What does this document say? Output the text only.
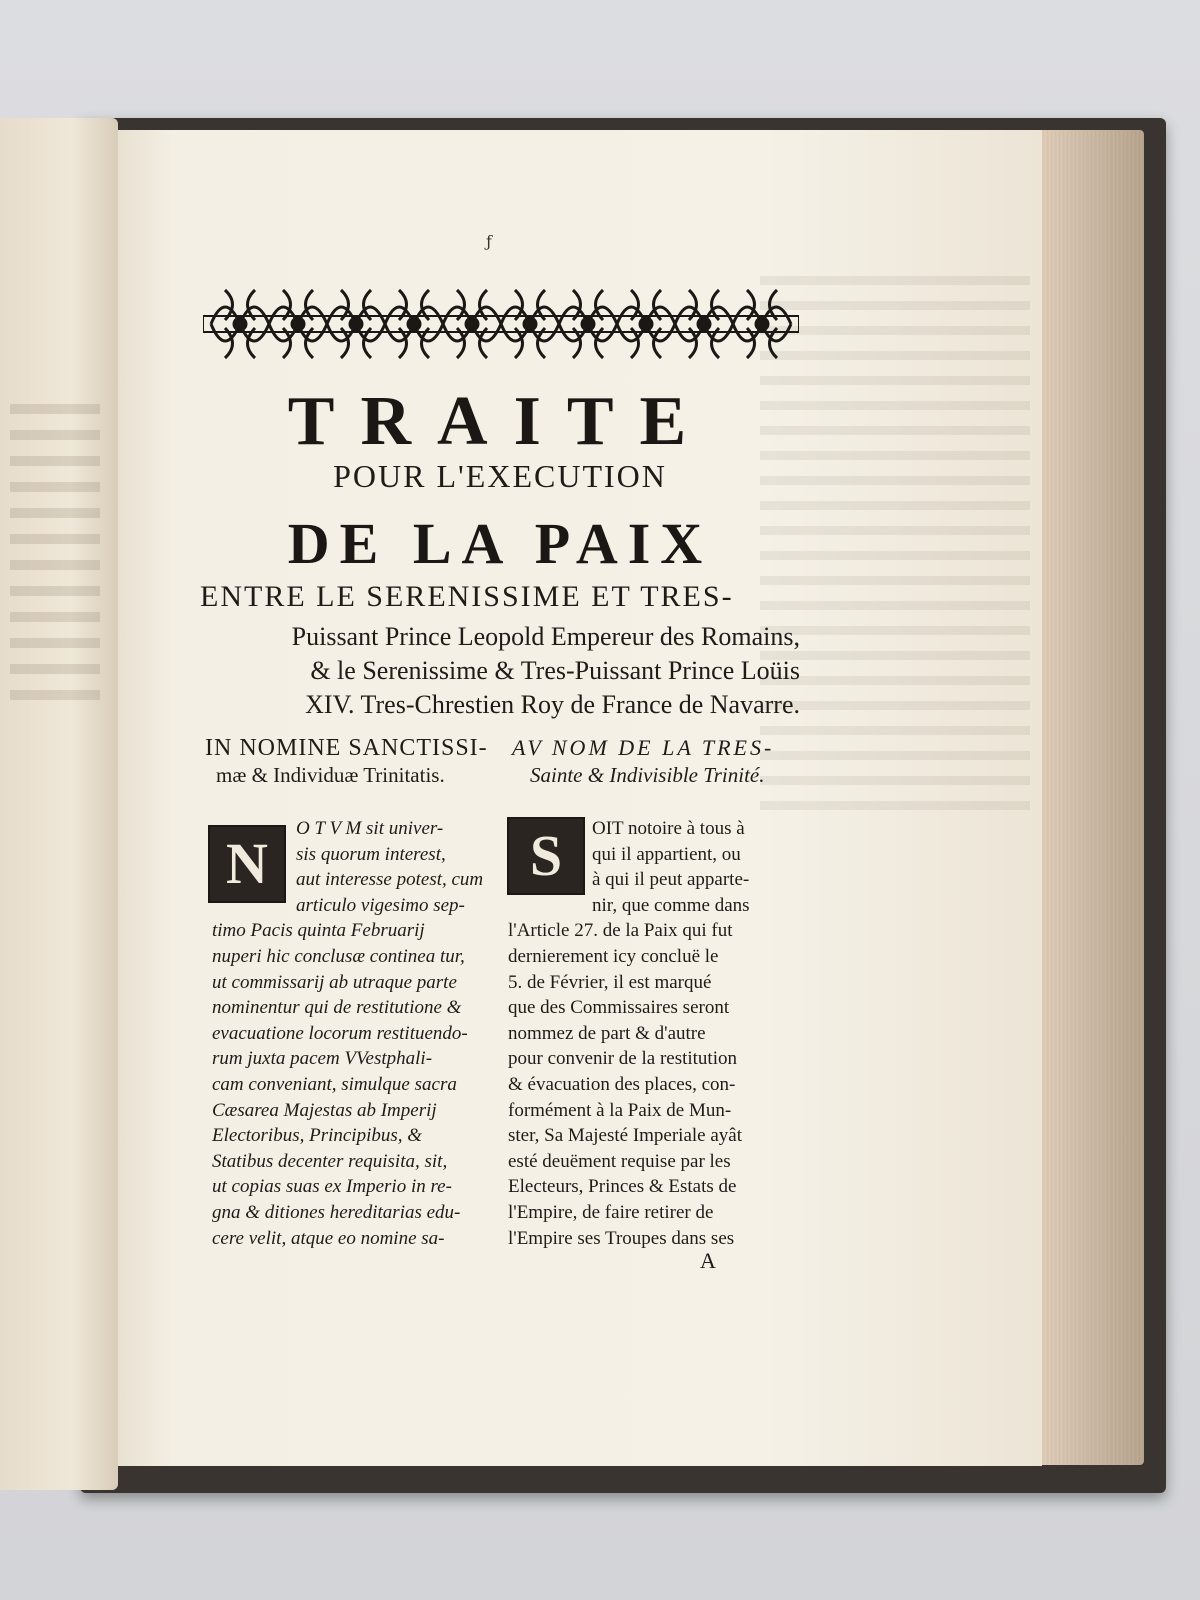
ƒ
TRAITE
POUR L'EXECUTION
DE LA PAIX
ENTRE LE SERENISSIME ET TRES-
Puissant Prince Leopold Empereur des Romains,
& le Serenissime & Tres-Puissant Prince Loüis
XIV. Tres-Chrestien Roy de France de Navarre.
IN NOMINE SANCTISSI-
mæ & Individuæ Trinitatis.
AV NOM DE LA TRES-
Sainte & Indivisible Trinité.
N	S
O T V M sit univer-
sis quorum interest,
aut interesse potest, cum
articulo vigesimo sep-
timo Pacis quinta Februarij
nuperi hic conclusæ continea tur,
ut commissarij ab utraque parte
nominentur qui de restitutione &
evacuatione locorum restituendo-
rum juxta pacem VVestphali-
cam conveniant, simulque sacra
Cæsarea Majestas ab Imperij
Electoribus, Principibus, &
Statibus decenter requisita, sit,
ut copias suas ex Imperio in re-
gna & ditiones hereditarias edu-
cere velit, atque eo nomine sa-
OIT notoire à tous à
qui il appartient, ou
à qui il peut apparte-
nir, que comme dans
l'Article 27. de la Paix qui fut
dernierement icy concluë le
5. de Février, il est marqué
que des Commissaires seront
nommez de part & d'autre
pour convenir de la restitution
& évacuation des places, con-
formément à la Paix de Mun-
ster, Sa Majesté Imperiale ayât
esté deuëment requise par les
Electeurs, Princes & Estats de
l'Empire, de faire retirer de
l'Empire ses Troupes dans ses
A
